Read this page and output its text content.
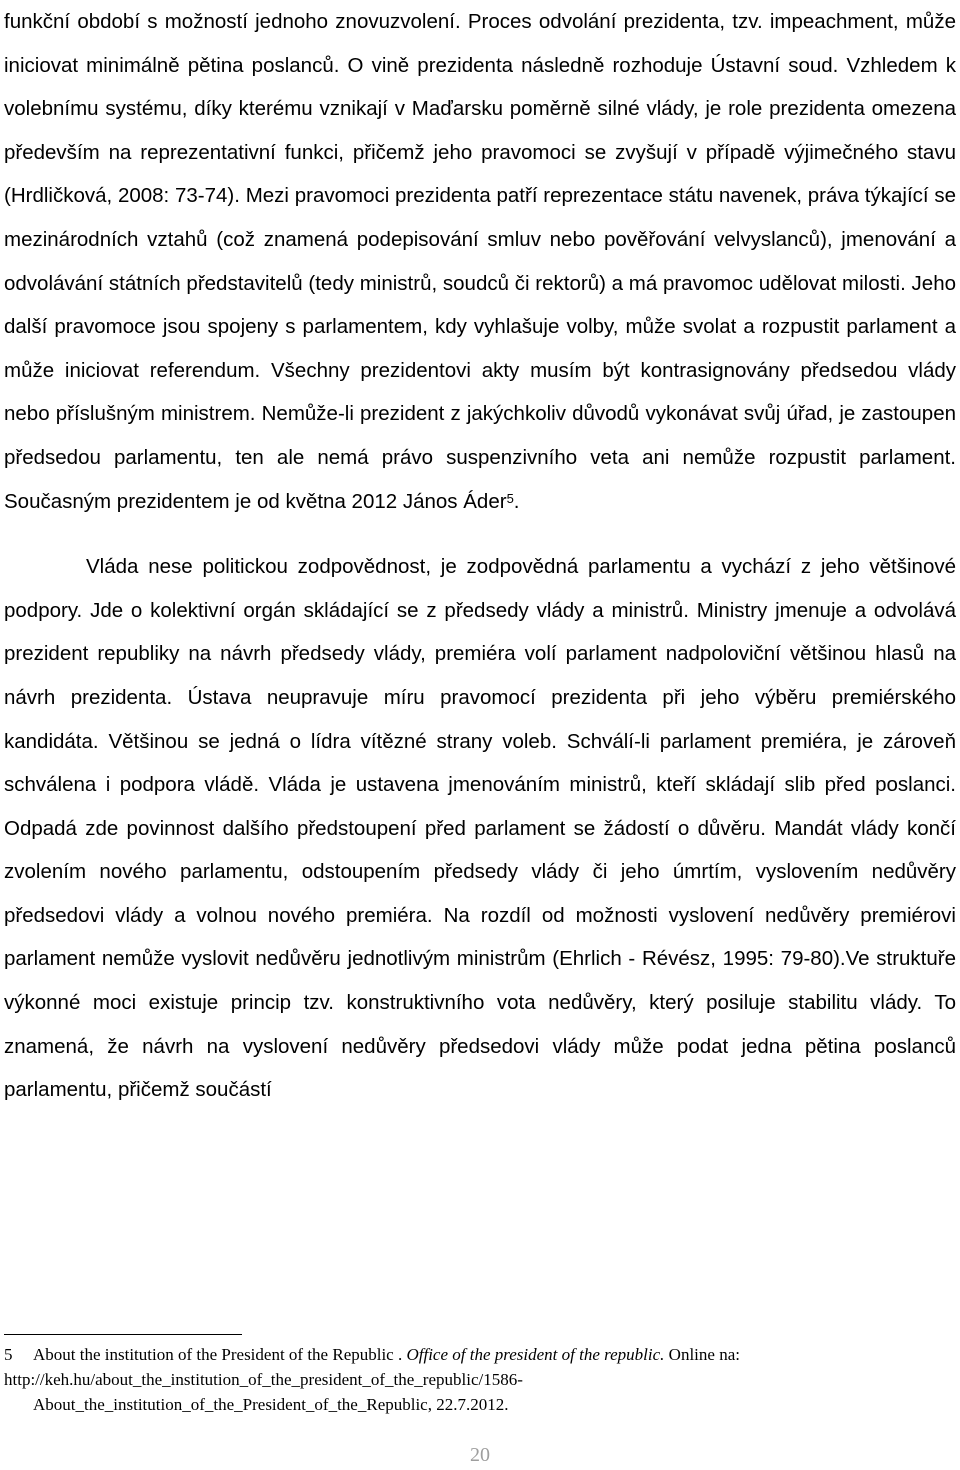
funkční období s možností jednoho znovuzvolení. Proces odvolání prezidenta, tzv. impeachment, může iniciovat minimálně pětina poslanců. O vině prezidenta následně rozhoduje Ústavní soud. Vzhledem k volebnímu systému, díky kterému vznikají v Maďarsku poměrně silné vlády, je role prezidenta omezena především na reprezentativní funkci, přičemž jeho pravomoci se zvyšují v případě výjimečného stavu (Hrdličková, 2008: 73-74). Mezi pravomoci prezidenta patří reprezentace státu navenek, práva týkající se mezinárodních vztahů (což znamená podepisování smluv nebo pověřování velvyslanců), jmenování a odvolávání státních představitelů (tedy ministrů, soudců či rektorů) a má pravomoc udělovat milosti. Jeho další pravomoce jsou spojeny s parlamentem, kdy vyhlašuje volby, může svolat a rozpustit parlament a může iniciovat referendum. Všechny prezidentovi akty musím být kontrasignovány předsedou vlády nebo příslušným ministrem. Nemůže-li prezident z jakýchkoliv důvodů vykonávat svůj úřad, je zastoupen předsedou parlamentu, ten ale nemá právo suspenzivního veta ani nemůže rozpustit parlament. Současným prezidentem je od května 2012 János Áder$^5$.

Vláda nese politickou zodpovědnost, je zodpovědná parlamentu a vychází z jeho většinové podpory. Jde o kolektivní orgán skládající se z předsedy vlády a ministrů. Ministry jmenuje a odvolává prezident republiky na návrh předsedy vlády, premiéra volí parlament nadpoloviční většinou hlasů na návrh prezidenta. Ústava neupravuje míru pravomocí prezidenta při jeho výběru premiérského kandidáta. Většinou se jedná o lídra vítězné strany voleb. Schválí-li parlament premiéra, je zároveň schválena i podpora vládě. Vláda je ustavena jmenováním ministrů, kteří skládají slib před poslanci. Odpadá zde povinnost dalšího předstoupení před parlament se žádostí o důvěru. Mandát vlády končí zvolením nového parlamentu, odstoupením předsedy vlády či jeho úmrtím, vyslovením nedůvěry předsedovi vlády a volnou nového premiéra. Na rozdíl od možnosti vyslovení nedůvěry premiérovi parlament nemůže vyslovit nedůvěru jednotlivým ministrům (Ehrlich - Révész, 1995: 79-80).Ve struktuře výkonné moci existuje princip tzv. konstruktivního vota nedůvěry, který posiluje stabilitu vlády. To znamená, že návrh na vyslovení nedůvěry předsedovi vlády může podat jedna pětina poslanců parlamentu, přičemž součástí

5 About the institution of the President of the Republic . Office of the president of the republic. Online na:
http://keh.hu/about_the_institution_of_the_president_of_the_republic/1586-
About_the_institution_of_the_President_of_the_Republic, 22.7.2012.
20
